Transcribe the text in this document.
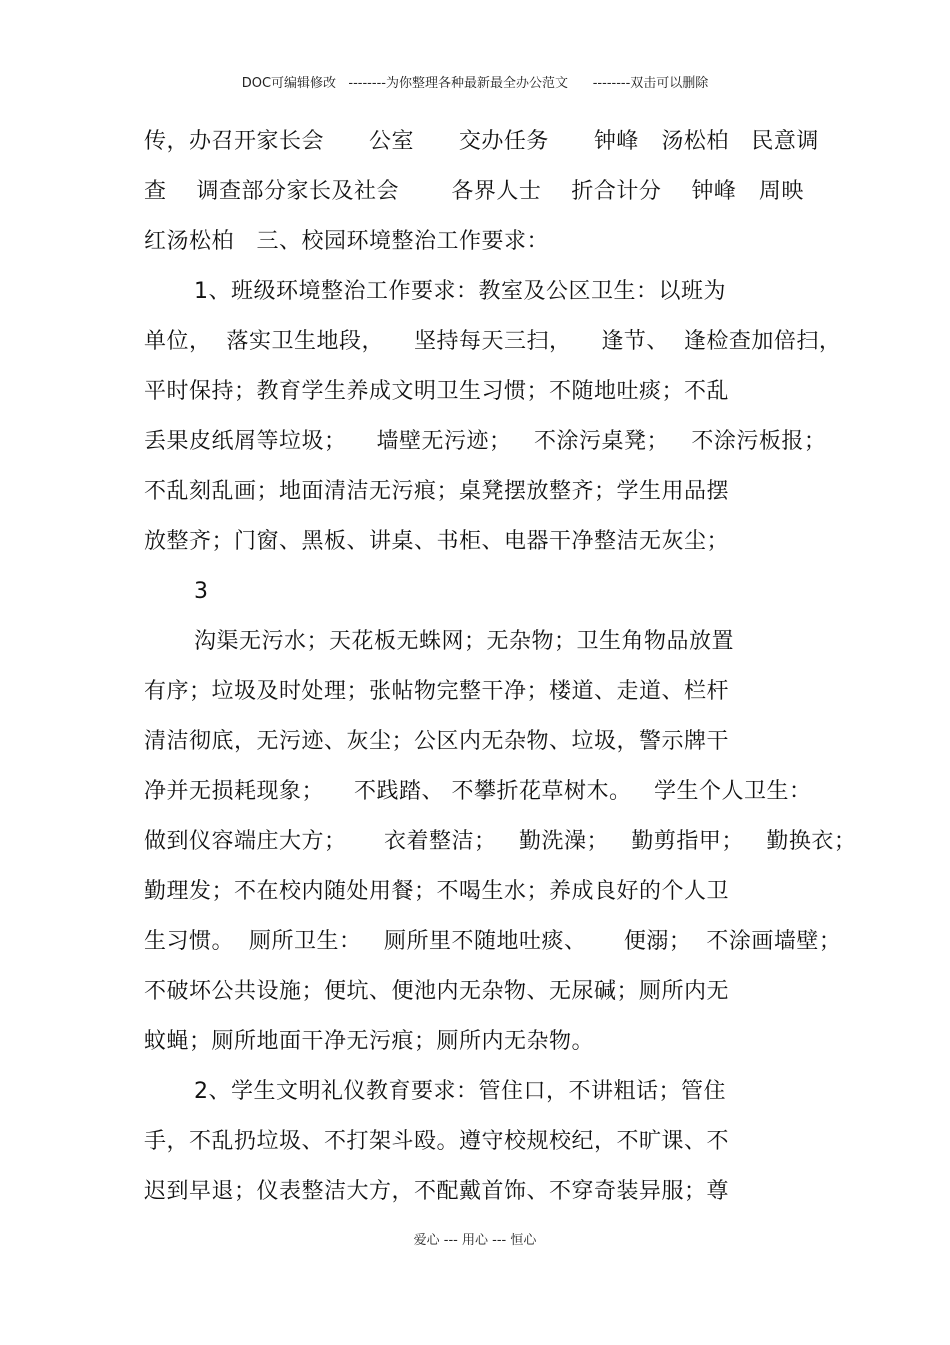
DOC可编辑修改   --------为你整理各种最新最全办公范文      --------双击可以删除
传，办召开家长会      公室      交办任务      钟峰   汤松柏   民意调
查    调查部分家长及社会       各界人士    折合计分    钟峰   周映
红汤松柏   三、校园环境整治工作要求：
1、班级环境整治工作要求：教室及公区卫生：以班为
单位，  落实卫生地段，    坚持每天三扫，    逢节、  逢检查加倍扫，
平时保持；教育学生养成文明卫生习惯；不随地吐痰；不乱
丢果皮纸屑等垃圾；    墙壁无污迹；   不涂污桌凳；   不涂污板报；
不乱刻乱画；地面清洁无污痕；桌凳摆放整齐；学生用品摆
放整齐；门窗、黑板、讲桌、书柜、电器干净整洁无灰尘；
3
沟渠无污水；天花板无蛛网；无杂物；卫生角物品放置
有序；垃圾及时处理；张帖物完整干净；楼道、走道、栏杆
清洁彻底，无污迹、灰尘；公区内无杂物、垃圾，警示牌干
净并无损耗现象；    不践踏、 不攀折花草树木。   学生个人卫生：
做到仪容端庄大方；     衣着整洁；   勤洗澡；   勤剪指甲；   勤换衣；
勤理发；不在校内随处用餐；不喝生水；养成良好的个人卫
生习惯。  厕所卫生：   厕所里不随地吐痰、     便溺；  不涂画墙壁；
不破坏公共设施；便坑、便池内无杂物、无尿碱；厕所内无
蚊蝇；厕所地面干净无污痕；厕所内无杂物。
2、学生文明礼仪教育要求：管住口，不讲粗话；管住
手，不乱扔垃圾、不打架斗殴。遵守校规校纪，不旷课、不
迟到早退；仪表整洁大方，不配戴首饰、不穿奇装异服；尊
爱心 --- 用心 --- 恒心
